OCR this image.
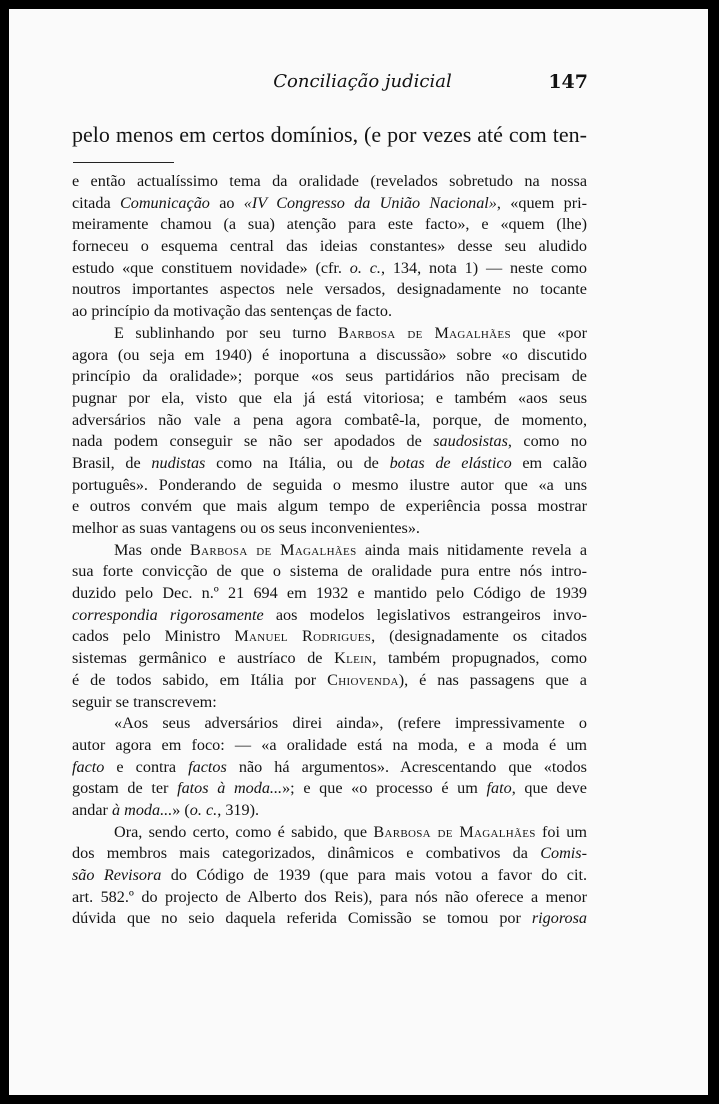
Conciliação judicial	147
pelo menos em certos domínios, (e por vezes até com ten-
e então actualíssimo tema da oralidade (revelados sobretudo na nossa
citada Comunicação ao «IV Congresso da União Nacional», «quem pri-
meiramente chamou (a sua) atenção para este facto», e «quem (lhe)
forneceu o esquema central das ideias constantes» desse seu aludido
estudo «que constituem novidade» (cfr. o. c., 134, nota 1) — neste como
noutros importantes aspectos nele versados, designadamente no tocante
ao princípio da motivação das sentenças de facto.
E sublinhando por seu turno Barbosa de Magalhães que «por
agora (ou seja em 1940) é inoportuna a discussão» sobre «o discutido
princípio da oralidade»; porque «os seus partidários não precisam de
pugnar por ela, visto que ela já está vitoriosa; e também «aos seus
adversários não vale a pena agora combatê-la, porque, de momento,
nada podem conseguir se não ser apodados de saudosistas, como no
Brasil, de nudistas como na Itália, ou de botas de elástico em calão
português». Ponderando de seguida o mesmo ilustre autor que «a uns
e outros convém que mais algum tempo de experiência possa mostrar
melhor as suas vantagens ou os seus inconvenientes».
Mas onde Barbosa de Magalhães ainda mais nitidamente revela a
sua forte convicção de que o sistema de oralidade pura entre nós intro-
duzido pelo Dec. n.º 21 694 em 1932 e mantido pelo Código de 1939
correspondia rigorosamente aos modelos legislativos estrangeiros invo-
cados pelo Ministro Manuel Rodrigues, (designadamente os citados
sistemas germânico e austríaco de Klein, também propugnados, como
é de todos sabido, em Itália por Chiovenda), é nas passagens que a
seguir se transcrevem:
«Aos seus adversários direi ainda», (refere impressivamente o
autor agora em foco: — «a oralidade está na moda, e a moda é um
facto e contra factos não há argumentos». Acrescentando que «todos
gostam de ter fatos à moda...»; e que «o processo é um fato, que deve
andar à moda...» (o. c., 319).
Ora, sendo certo, como é sabido, que Barbosa de Magalhães foi um
dos membros mais categorizados, dinâmicos e combativos da Comis-
são Revisora do Código de 1939 (que para mais votou a favor do cit.
art. 582.º do projecto de Alberto dos Reis), para nós não oferece a menor
dúvida que no seio daquela referida Comissão se tomou por rigorosa
